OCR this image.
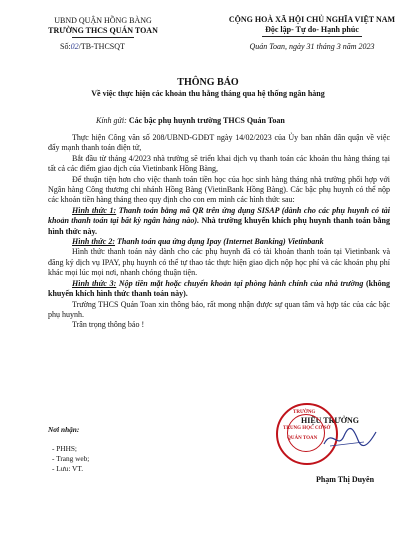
UBND QUẬN HỒNG BÀNG
TRƯỜNG THCS QUÁN TOAN
Số:02/TB-THCSQT
CỘNG HOÀ XÃ HỘI CHỦ NGHĨA VIỆT NAM
Độc lập- Tự do- Hạnh phúc
Quán Toan, ngày 31 tháng 3 năm 2023
THÔNG BÁO
Về việc thực hiện các khoản thu hằng tháng qua hệ thống ngân hàng
Kính gửi: Các bậc phụ huynh trường THCS Quán Toan

Thực hiện Công văn số 208/UBND-GDĐT ngày 14/02/2023 của Ủy ban nhân dân quận về việc đẩy mạnh thanh toán điện tử,

Bắt đầu từ tháng 4/2023 nhà trường sẽ triển khai dịch vụ thanh toán các khoản thu hàng tháng tại tất cả các điểm giao dịch của Vietinbank Hồng Bàng,

Để thuận tiện hơn cho việc thanh toán tiền học của học sinh hàng tháng nhà trường phối hợp với Ngân hàng Công thương chi nhánh Hồng Bàng (VietinBank Hồng Bàng). Các bậc phụ huynh có thể nộp các khoản tiền hàng tháng theo quy định cho con em mình các hình thức sau:

Hình thức 1: Thanh toán bằng mã QR trên ứng dụng SISAP (dành cho các phụ huynh có tài khoản thanh toán tại bất kỳ ngân hàng nào). Nhà trường khuyến khích phụ huynh thanh toán bằng hình thức này.

Hình thức 2: Thanh toán qua ứng dụng Ipay (Internet Banking) Vietinbank

Hình thức thanh toán này dành cho các phụ huynh đã có tài khoản thanh toán tại Vietinbank và đăng ký dịch vụ IPAY, phụ huynh có thể tự thao tác thực hiện giao dịch nộp học phí và các khoản phụ phí khác mọi lúc mọi nơi, nhanh chóng thuận tiện.

Hình thức 3: Nộp tiền mặt hoặc chuyển khoản tại phòng hành chính của nhà trường (không khuyến khích hình thức thanh toán này).

Trường THCS Quán Toan xin thông báo, rất mong nhận được sự quan tâm và hợp tác của các bậc phụ huynh.

Trân trọng thông báo !

Nơi nhận:
- PHHS;
- Trang web;
- Lưu: VT.
HIỆU TRƯỞNG
TRƯỜNG
TRUNG HỌC CƠ SỞ
QUÁN TOAN
Phạm Thị Duyên
